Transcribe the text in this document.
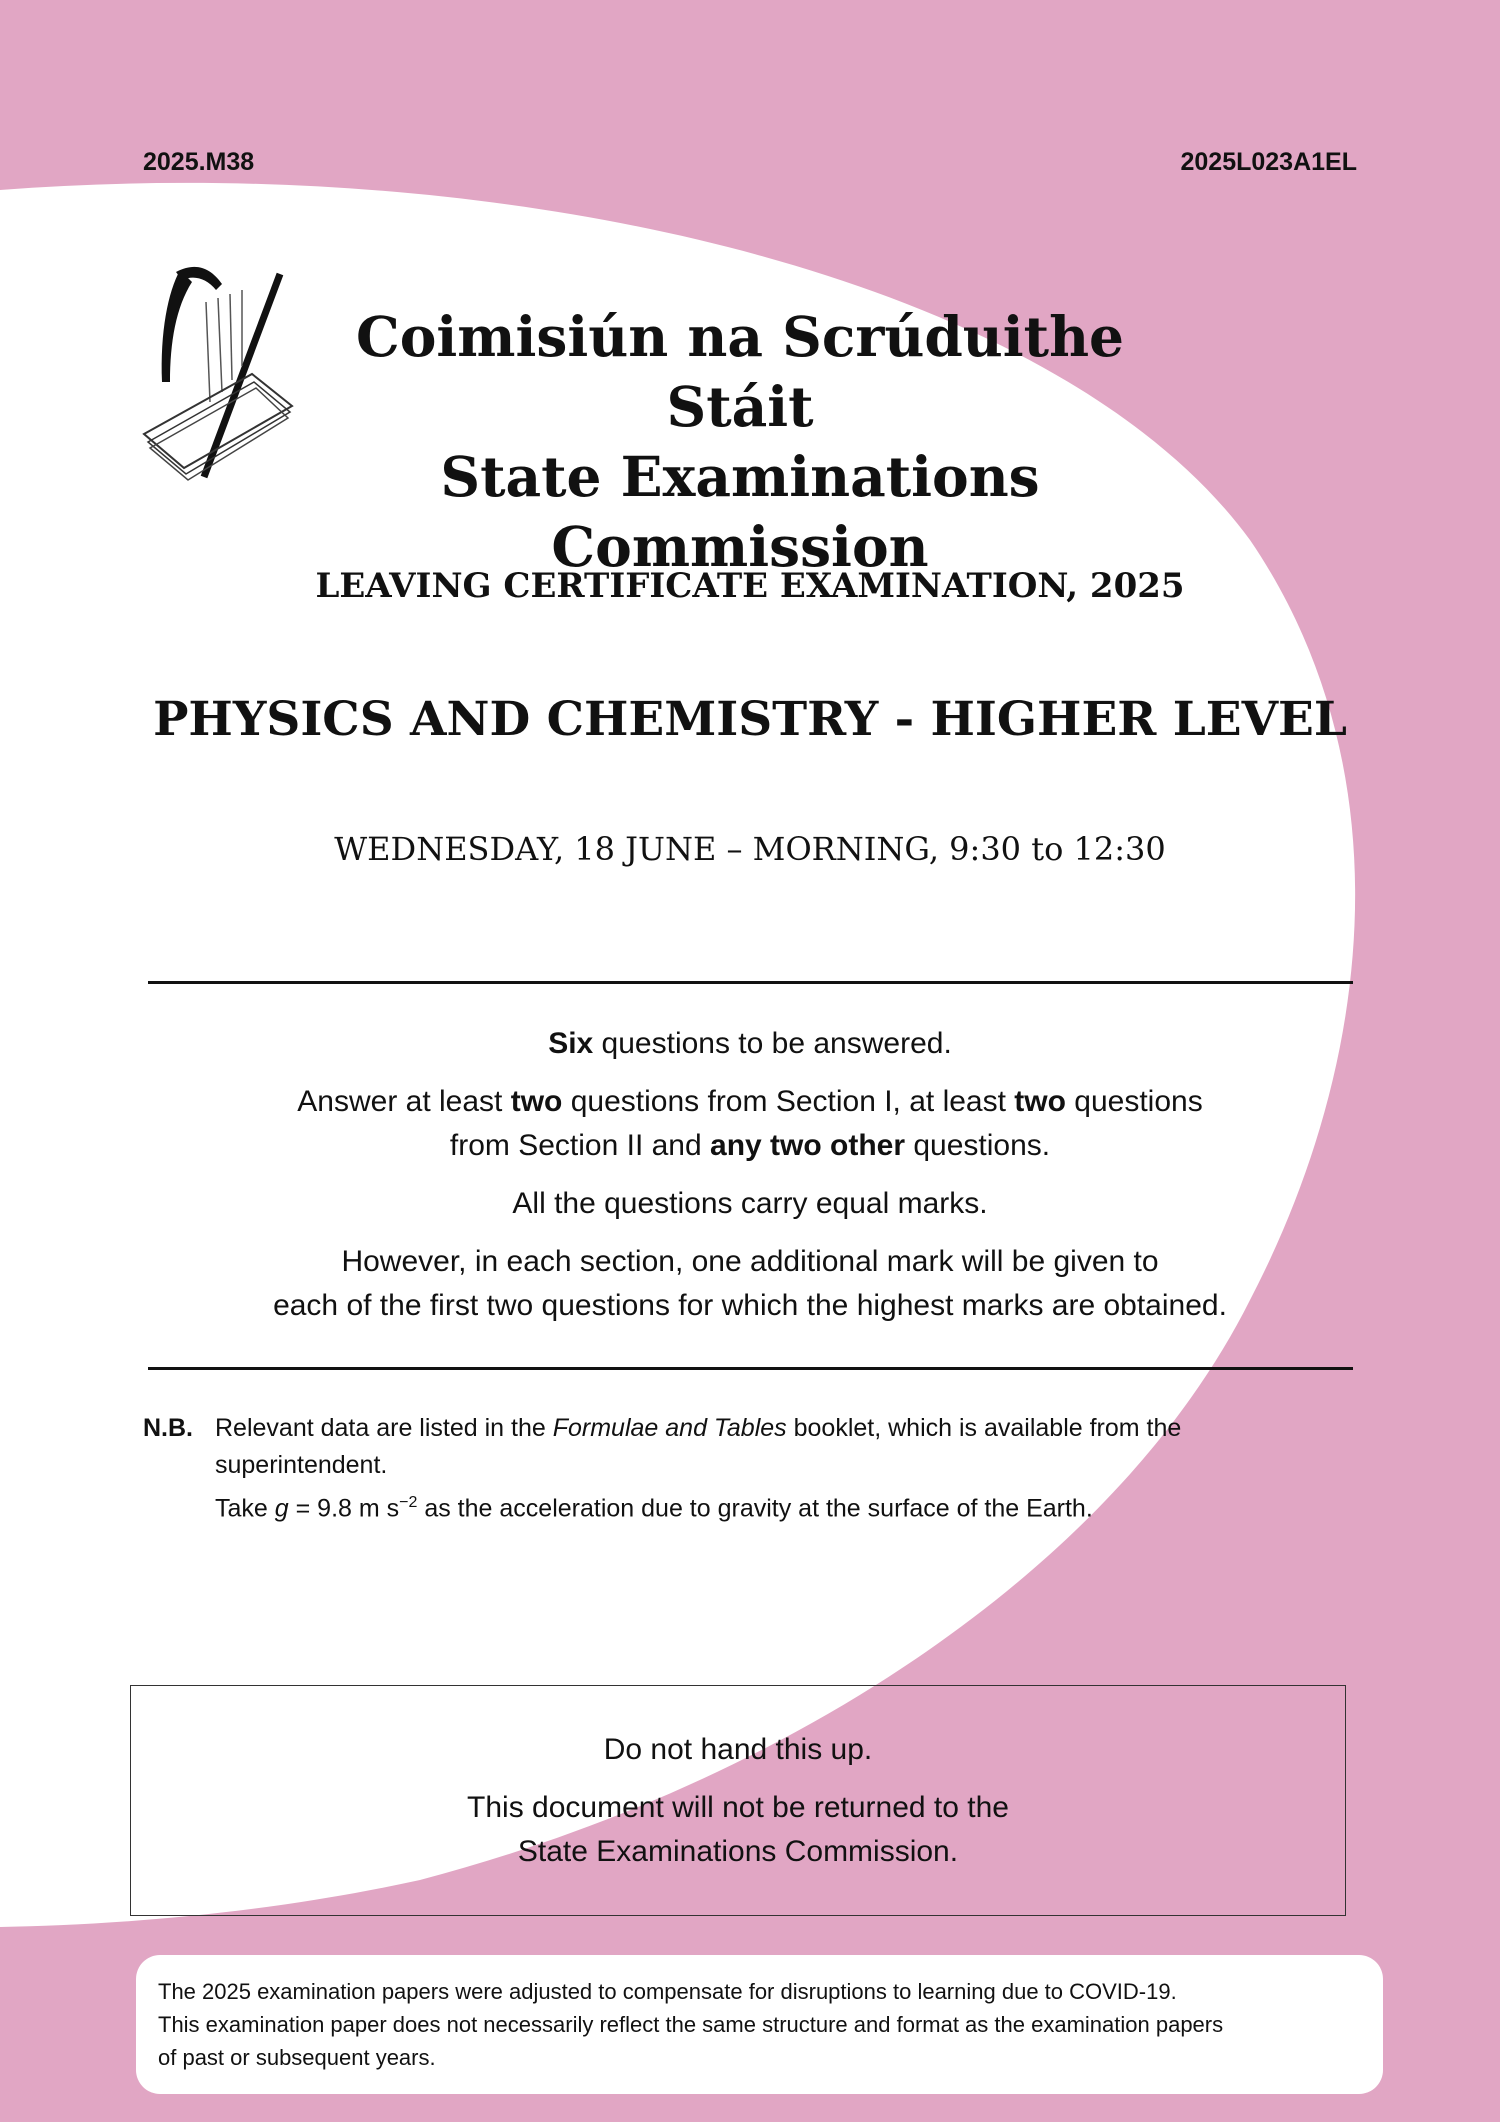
2025.M38	2025L023A1EL
Coimisiún na Scrúduithe Stáit
State Examinations Commission
LEAVING CERTIFICATE EXAMINATION, 2025
PHYSICS AND CHEMISTRY - HIGHER LEVEL
WEDNESDAY, 18 JUNE – MORNING, 9:30 to 12:30
Six questions to be answered.
Answer at least two questions from Section I, at least two questions
from Section II and any two other questions.
All the questions carry equal marks.
However, in each section, one additional mark will be given to
each of the first two questions for which the highest marks are obtained.
N.B. Relevant data are listed in the Formulae and Tables booklet, which is available from the
superintendent.
Take g = 9.8 m $s^{-2}$ as the acceleration due to gravity at the surface of the Earth.
Do not hand this up.
This document will not be returned to the
State Examinations Commission.

The 2025 examination papers were adjusted to compensate for disruptions to learning due to COVID-19.

This examination paper does not necessarily reflect the same structure and format as the examination papers

of past or subsequent years.
